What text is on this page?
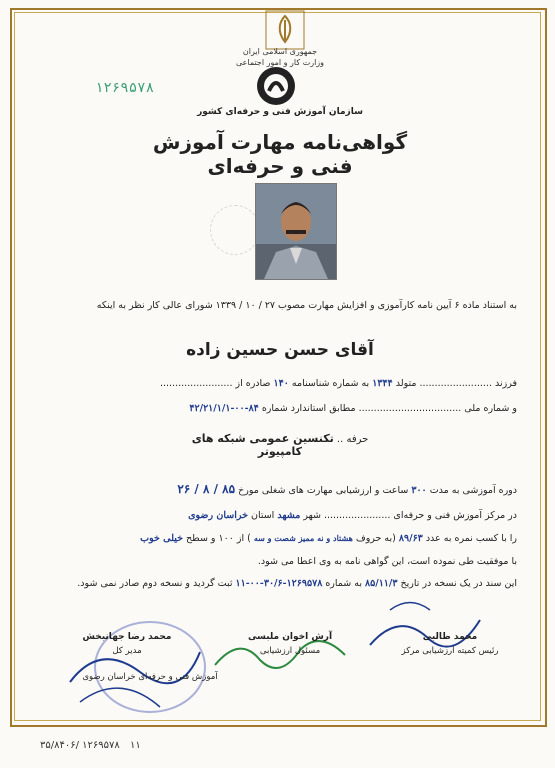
جمهوری اسلامی ایران
وزارت کار و امور اجتماعی
١٢۶٩۵٧٨
سازمان آموزش فنی و حرفه‌ای کشور
گواهی‌نامه مهارت آموزش فنی و حرفه‌ای
به استناد ماده ۶ آیین نامه کارآموزی و افزایش مهارت مصوب ۲۷ / ۱۰ / ۱۳۳۹ شورای عالی کار نظر به اینکه
آقای حسن حسین زاده
فرزند ........................ متولد ۱۳۴۴ به شماره شناسنامه ۱۴۰ صادره از ........................
و شماره ملی .................................. مطابق استاندارد شماره ۸۴-۰۰-۴۲/۲۱/۱/۱
حرفه .. تکنسین عمومی شبکه های کامپیوتر
دوره آموزشی به مدت ۳۰۰ ساعت و ارزشیابی مهارت های شغلی مورخ ۸۵ / ۸ / ۲۶
در مرکز آموزش فنی و حرفه‌ای ...................... شهر مشهد استان خراسان رضوی
را با کسب نمره به عدد ۸۹/۶۳ (به حروف هشتاد و نه ممیز شصت و سه ) از ۱۰۰ و سطح خیلی خوب
با موفقیت طی نموده است، این گواهی نامه به وی اعطا می شود.
این سند در یک نسخه در تاریخ ۸۵/۱۱/۳ به شماره ۱۲۶۹۵۷۸-۳۰/۶-۰۰-۱۱ ثبت گردید و نسخه دوم صادر نمی شود.
محمد رضا جهانبخش
مدیر کل
آموزش فنی و حرفه‌ای خراسان رضوی
آرش اخوان ملبسی
مسئول ارزشیابی
محمد طالبی
رئیس کمیته ارزشیابی مرکز
۳۵/۸۴۰۶/ ۱۲۶۹۵۷۸ ۱۱
